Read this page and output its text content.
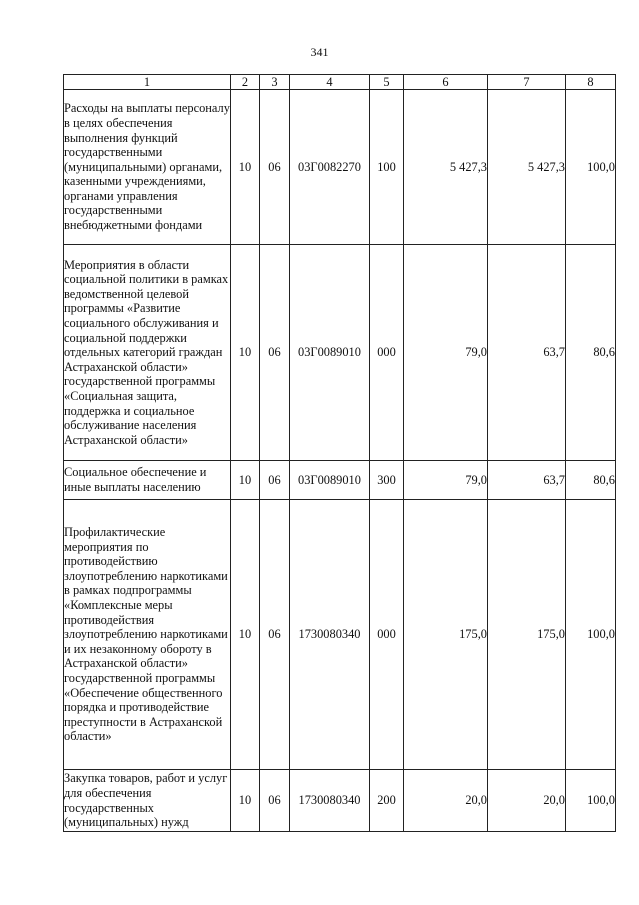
341
1	2	3	4	5	6	7	8
Расходы на выплаты персоналу в целях обеспечения выполнения функций государственными (муниципальными) органами, казенными учреждениями, органами управления государственными внебюджетными фондами	10	06	03Г0082270	100	5 427,3	5 427,3	100,0
Мероприятия в области социальной политики в рамках ведомственной целевой программы «Развитие социального обслуживания и социальной поддержки отдельных категорий граждан Астраханской области» государственной программы «Социальная защита, поддержка и социальное обслуживание населения Астраханской области»	10	06	03Г0089010	000	79,0	63,7	80,6
Социальное обеспечение и иные выплаты населению	10	06	03Г0089010	300	79,0	63,7	80,6
Профилактические мероприятия по противодействию злоупотреблению наркотиками в рамках подпрограммы «Комплексные меры противодействия злоупотреблению наркотиками и их незаконному обороту в Астраханской области» государственной программы «Обеспечение общественного порядка и противодействие преступности в Астраханской области»	10	06	1730080340	000	175,0	175,0	100,0
Закупка товаров, работ и услуг для обеспечения государственных (муниципальных) нужд	10	06	1730080340	200	20,0	20,0	100,0
